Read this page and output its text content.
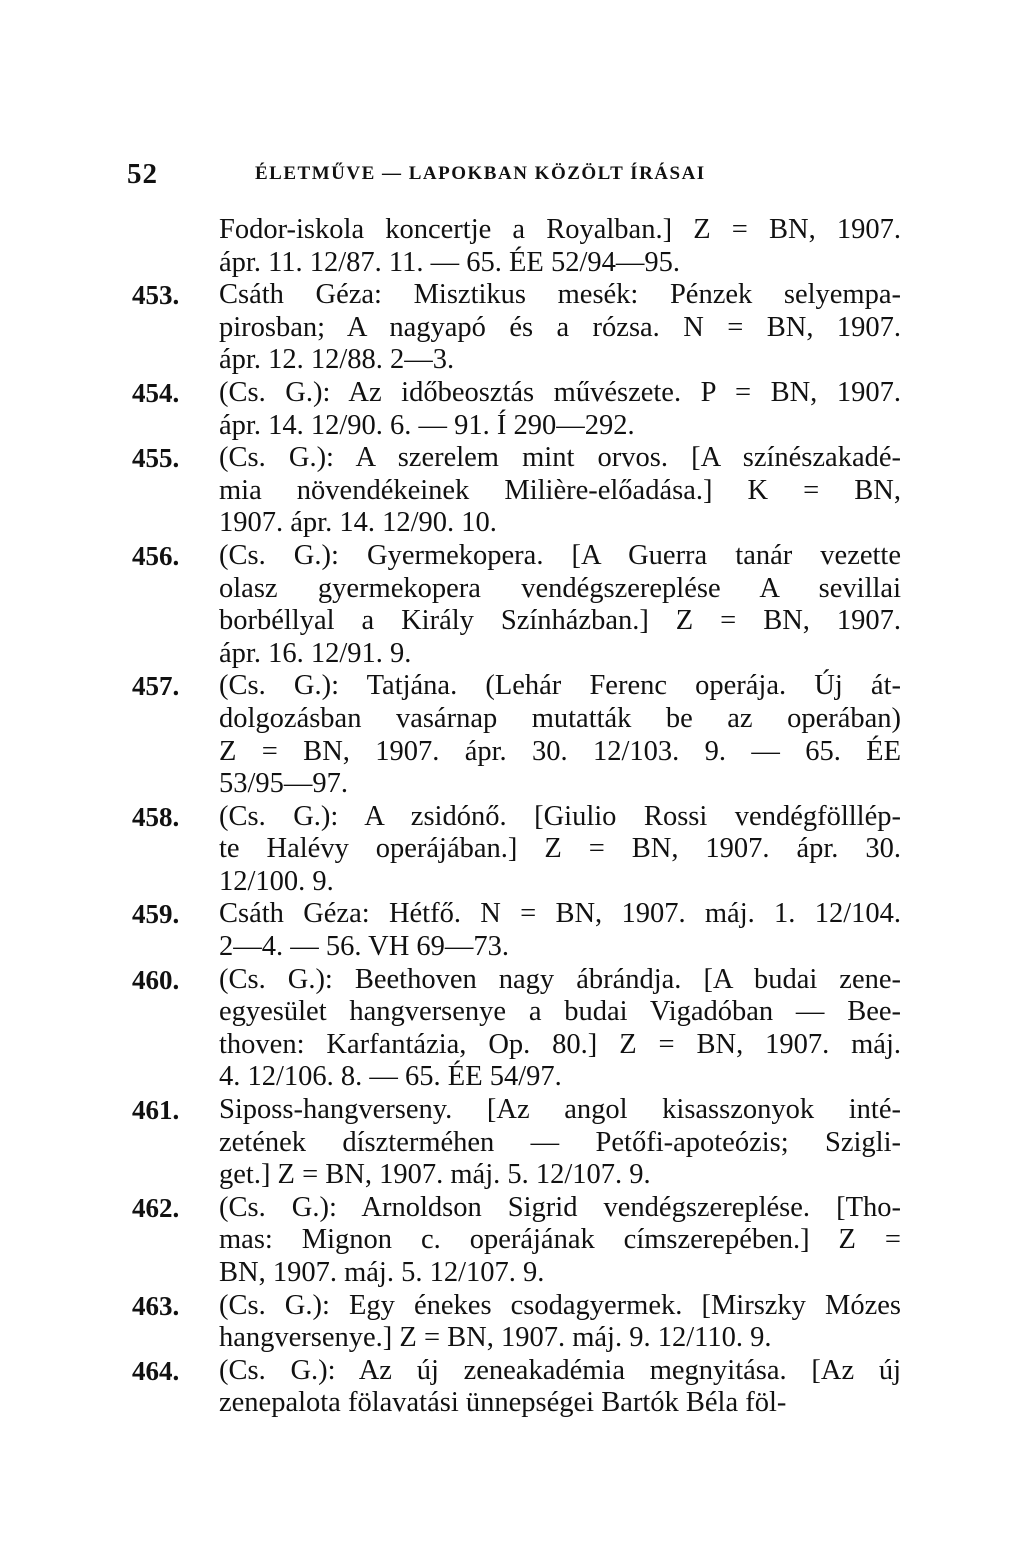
52	ÉLETMŰVE — LAPOKBAN KÖZÖLT ÍRÁSAI
Fodor-iskola koncertje a Royalban.] Z = BN, 1907.
ápr. 11. 12/87. 11. — 65. ÉE 52/94—95.
453. Csáth Géza: Misztikus mesék: Pénzek selyempa-
pirosban; A nagyapó és a rózsa. N = BN, 1907.
ápr. 12. 12/88. 2—3.
454. (Cs. G.): Az időbeosztás művészete. P = BN, 1907.
ápr. 14. 12/90. 6. — 91. Í 290—292.
455. (Cs. G.): A szerelem mint orvos. [A színészakadé-
mia növendékeinek Milière-előadása.] K = BN,
1907. ápr. 14. 12/90. 10.
456. (Cs. G.): Gyermekopera. [A Guerra tanár vezette
olasz gyermekopera vendégszereplése A sevillai
borbéllyal a Király Színházban.] Z = BN, 1907.
ápr. 16. 12/91. 9.
457. (Cs. G.): Tatjána. (Lehár Ferenc operája. Új át-
dolgozásban vasárnap mutatták be az operában)
Z = BN, 1907. ápr. 30. 12/103. 9. — 65. ÉE
53/95—97.
458. (Cs. G.): A zsidónő. [Giulio Rossi vendégfölllép-
te Halévy operájában.] Z = BN, 1907. ápr. 30.
12/100. 9.
459. Csáth Géza: Hétfő. N = BN, 1907. máj. 1. 12/104.
2—4. — 56. VH 69—73.
460. (Cs. G.): Beethoven nagy ábrándja. [A budai zene-
egyesület hangversenye a budai Vigadóban — Bee-
thoven: Karfantázia, Op. 80.] Z = BN, 1907. máj.
4. 12/106. 8. — 65. ÉE 54/97.
461. Siposs-hangverseny. [Az angol kisasszonyok inté-
zetének díszterméhen — Petőfi-apoteózis; Szigli-
get.] Z = BN, 1907. máj. 5. 12/107. 9.
462. (Cs. G.): Arnoldson Sigrid vendégszereplése. [Tho-
mas: Mignon c. operájának címszerepében.] Z =
BN, 1907. máj. 5. 12/107. 9.
463. (Cs. G.): Egy énekes csodagyermek. [Mirszky Mózes
hangversenye.] Z = BN, 1907. máj. 9. 12/110. 9.
464. (Cs. G.): Az új zeneakadémia megnyitása. [Az új
zenepalota fölavatási ünnepségei Bartók Béla föl-
